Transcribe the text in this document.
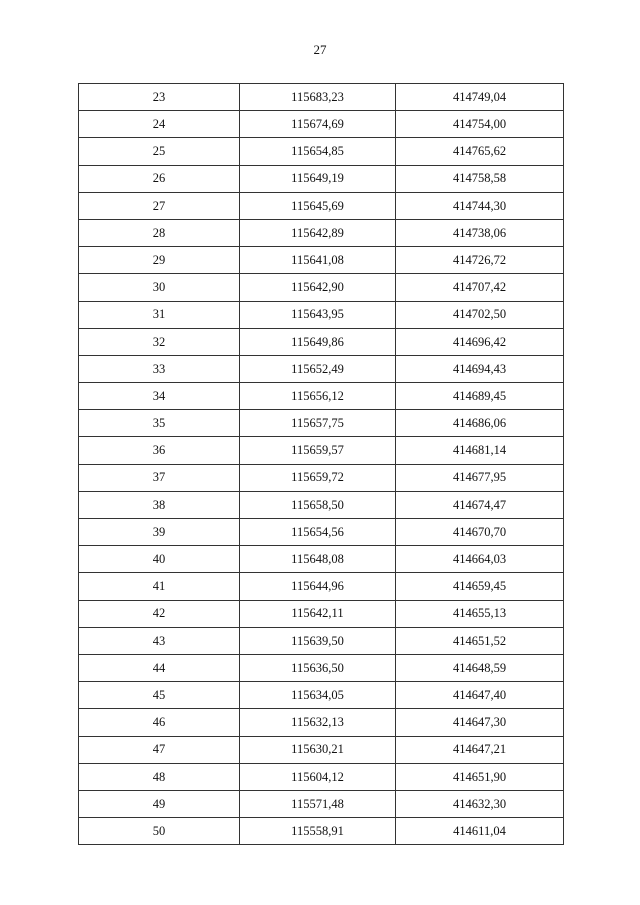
27
23	115683,23	414749,04
24	115674,69	414754,00
25	115654,85	414765,62
26	115649,19	414758,58
27	115645,69	414744,30
28	115642,89	414738,06
29	115641,08	414726,72
30	115642,90	414707,42
31	115643,95	414702,50
32	115649,86	414696,42
33	115652,49	414694,43
34	115656,12	414689,45
35	115657,75	414686,06
36	115659,57	414681,14
37	115659,72	414677,95
38	115658,50	414674,47
39	115654,56	414670,70
40	115648,08	414664,03
41	115644,96	414659,45
42	115642,11	414655,13
43	115639,50	414651,52
44	115636,50	414648,59
45	115634,05	414647,40
46	115632,13	414647,30
47	115630,21	414647,21
48	115604,12	414651,90
49	115571,48	414632,30
50	115558,91	414611,04
